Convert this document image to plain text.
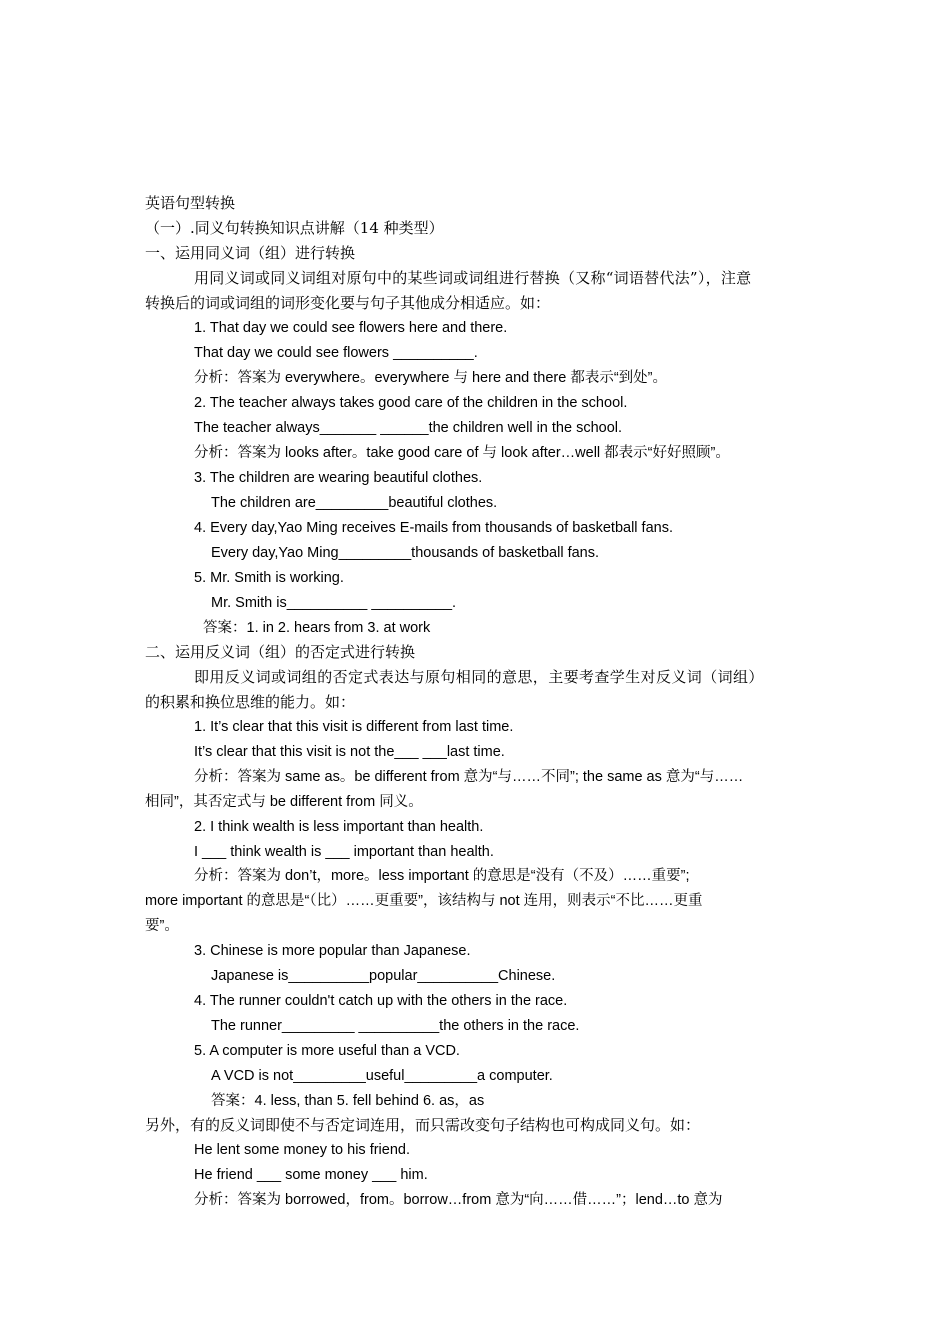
英语句型转换
（一）.同义句转换知识点讲解（14 种类型）
一、运用同义词（组）进行转换
用同义词或同义词组对原句中的某些词或词组进行替换（又称“词语替代法”），注意
转换后的词或词组的词形变化要与句子其他成分相适应。如：
1. That day we could see flowers here and there.
That day we could see flowers __________.
分析：答案为 everywhere。everywhere 与 here and there 都表示“到处”。
2. The teacher always takes good care of the children in the school.
The teacher always_______ ______the children well in the school.
分析：答案为 looks after。take good care of 与 look after…well 都表示“好好照顾”。
3. The children are wearing beautiful clothes.
The children are_________beautiful clothes.
4. Every day,Yao Ming receives E-mails from thousands of basketball fans.
Every day,Yao Ming_________thousands of basketball fans.
5. Mr. Smith is working.
Mr. Smith is__________ __________.
答案：1. in 2. hears from 3. at work
二、运用反义词（组）的否定式进行转换
即用反义词或词组的否定式表达与原句相同的意思，主要考查学生对反义词（词组）
的积累和换位思维的能力。如：
1. It’s clear that this visit is different from last time.
It’s clear that this visit is not the___ ___last time.
分析：答案为 same as。be different from 意为“与……不同”; the same as 意为“与……
相同”，其否定式与 be different from 同义。
2. I think wealth is less important than health.
I ___ think wealth is ___ important than health.
分析：答案为 don’t，more。less important 的意思是“没有（不及）……重要”;
more important 的意思是“（比）……更重要”，该结构与 not 连用，则表示“不比……更重
要”。
3. Chinese is more popular than Japanese.
Japanese is__________popular__________Chinese.
4. The runner couldn't catch up with the others in the race.
The runner_________ __________the others in the race.
5. A computer is more useful than a VCD.
A VCD is not_________useful_________a computer.
答案：4. less, than 5. fell behind 6. as，as
另外，有的反义词即使不与否定词连用，而只需改变句子结构也可构成同义句。如：
He lent some money to his friend.
He friend ___ some money ___ him.
分析：答案为 borrowed，from。borrow…from 意为“向……借……”；lend…to 意为
